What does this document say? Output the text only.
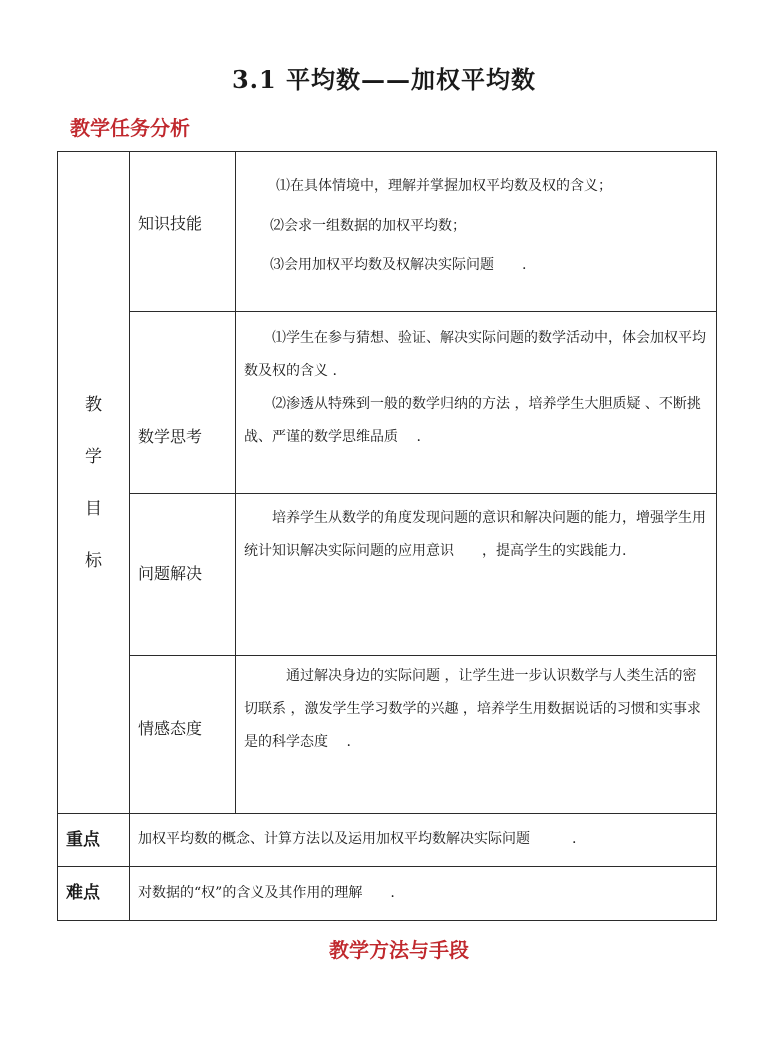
3.1 平均数——加权平均数
教学任务分析
教学目标	知识技能	⑴在具体情境中，理解并掌握加权平均数及权的含义；

⑵会求一组数据的加权平均数；

⑶会用加权平均数及权解决实际问题　　.

	数学思考	⑴学生在参与猜想、验证、解决实际问题的数学活动中，体会加权平均数及权的含义 .

⑵渗透从特殊到一般的数学归纳的方法 ，培养学生大胆质疑 、不断挑战、严谨的数学思维品质　 .

	问题解决	培养学生从数学的角度发现问题的意识和解决问题的能力，增强学生用统计知识解决实际问题的应用意识　　，提高学生的实践能力.

	情感态度	通过解决身边的实际问题 ，让学生进一步认识数学与人类生活的密切联系 ，激发学生学习数学的兴趣 ，培养学生用数据说话的习惯和实事求是的科学态度　 .

重点	加权平均数的概念、计算方法以及运用加权平均数解决实际问题　　　.	
难点	对数据的“权”的含义及其作用的理解　　.	
教学方法与手段
